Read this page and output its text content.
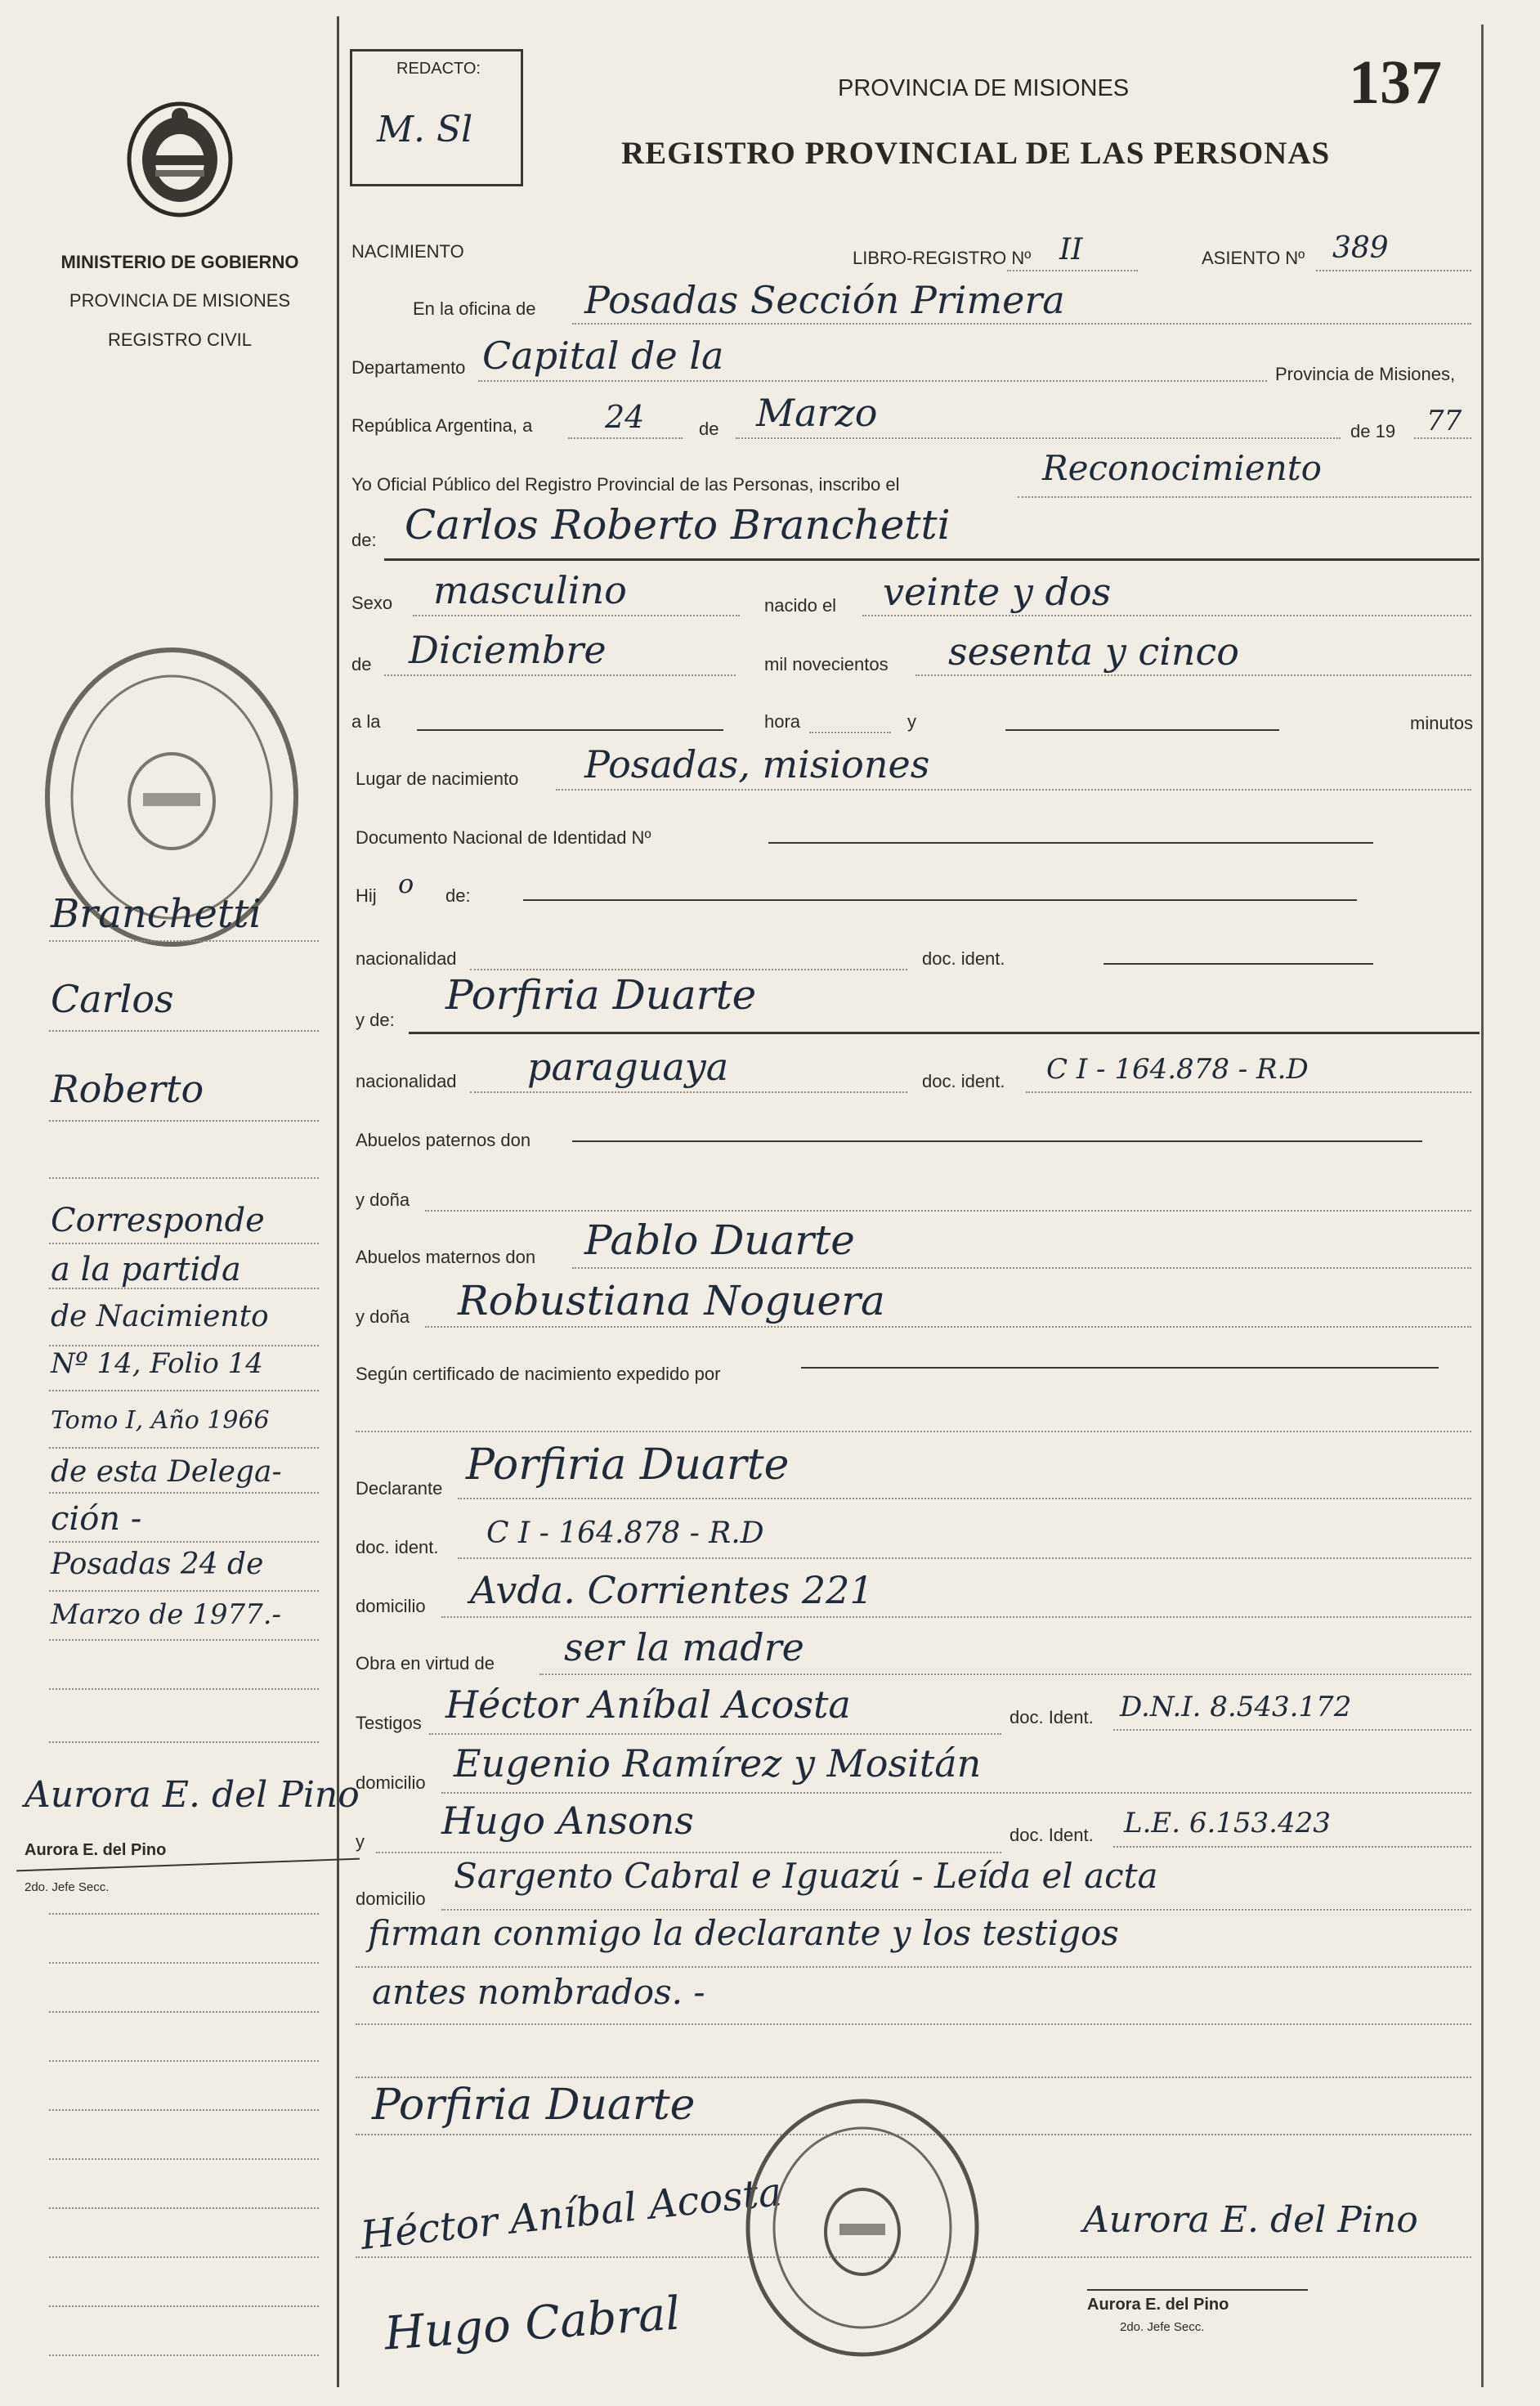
MINISTERIO DE GOBIERNO
PROVINCIA DE MISIONES
REGISTRO CIVIL
REDACTO:
M. Sl
PROVINCIA DE MISIONES
REGISTRO PROVINCIAL DE LAS PERSONAS
137
NACIMIENTO	LIBRO-REGISTRO Nº II	ASIENTO Nº 389
En la oficina de Posadas Sección Primera
Departamento Capital de la	Provincia de Misiones,
República Argentina, a 24	de Marzo	de 19 77
Yo Oficial Público del Registro Provincial de las Personas, inscribo el	Reconocimiento
de: Carlos Roberto Branchetti
Sexo masculino	nacido el veinte y dos
de Diciembre	mil novecientos sesenta y cinco
a la	hora	y	minutos
Lugar de nacimiento Posadas, misiones
Documento Nacional de Identidad Nº
Hij o de:
nacionalidad	doc. ident.
y de:
Porfiria Duarte
nacionalidad paraguaya	doc. ident. C I - 164.878 - R.D
Abuelos paternos don
y doña
Abuelos maternos don Pablo Duarte
y doña Robustiana Noguera
Según certificado de nacimiento expedido por
Declarante Porfiria Duarte
doc. ident. C I - 164.878 - R.D
domicilio Avda. Corrientes 221
Obra en virtud de ser la madre
Testigos Héctor Aníbal Acosta	doc. Ident. D.N.I. 8.543.172
domicilio Eugenio Ramírez y Mositán
y Hugo Ansons	doc. Ident. L.E. 6.153.423
domicilio
Sargento Cabral e Iguazú - Leída el acta
firman conmigo la declarante y los testigos
antes nombrados. -
Porfiria Duarte
Héctor Aníbal Acosta
Hugo Cabral
Aurora E. del Pino
Aurora E. del Pino
2do. Jefe Secc.
Branchetti
Carlos
Roberto
Corresponde
a la partida
de Nacimiento
Nº 14, Folio 14
Tomo I, Año 1966
de esta Delega-
ción -
Posadas 24 de
Marzo de 1977.-
Aurora E. del Pino
Aurora E. del Pino
2do. Jefe Secc.
